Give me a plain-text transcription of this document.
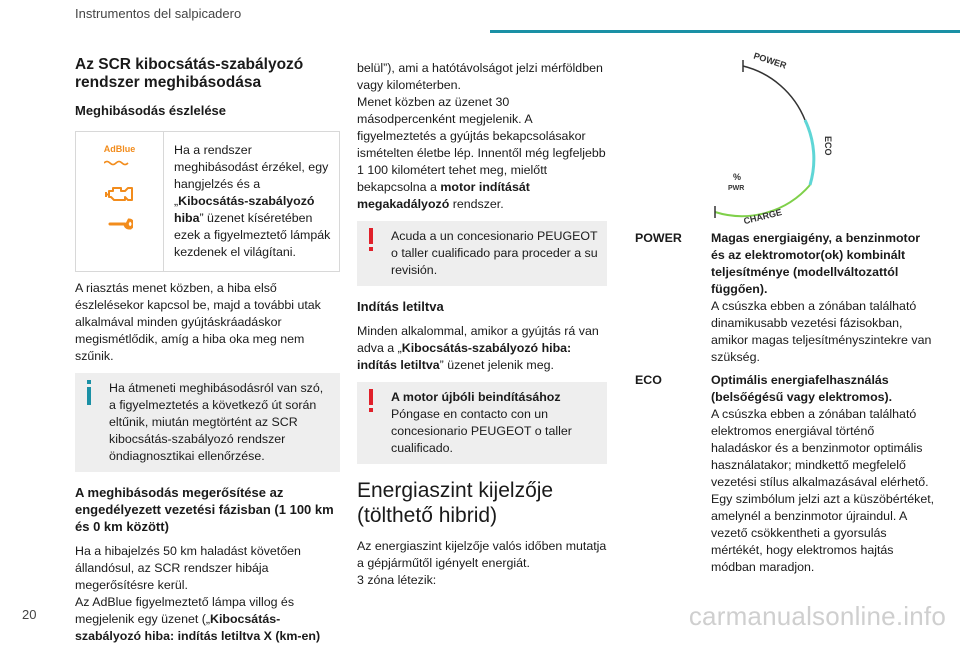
Instrumentos del salpicadero
Az SCR kibocsátás-szabályozó rendszer meghibásodása
Meghibásodás észlelése
AdBlue	Ha a rendszer meghibásodást érzékel, egy hangjelzés és a „Kibocsátás-szabályozó hiba” üzenet kíséretében ezek a figyelmeztető lámpák kezdenek el világítani.

A riasztás menet közben, a hiba első észlelésekor kapcsol be, majd a további utak alkalmával minden gyújtáskráadáskor megismétlődik, amíg a hiba oka meg nem szűnik.

Ha átmeneti meghibásodásról van szó, a figyelmeztetés a következő út során eltűnik, miután megtörtént az SCR kibocsátás-szabályozó rendszer öndiagnosztikai ellenőrzése.
A meghibásodás megerősítése az engedélyezett vezetési fázisban (1 100 km és 0 km között)

Ha a hibajelzés 50 km haladást követően állandósul, az SCR rendszer hibája megerősítésre kerül.

Az AdBlue figyelmeztető lámpa villog és megjelenik egy üzenet („Kibocsátás-szabályozó hiba: indítás letiltva X (km-en)

belül”), ami a hatótávolságot jelzi mérföldben vagy kilométerben.

Menet közben az üzenet 30 másodpercenként megjelenik. A figyelmeztetés a gyújtás bekapcsolásakor ismételten életbe lép. Innentől még legfeljebb 1 100 kilométert tehet meg, mielőtt bekapcsolna a motor indítását megakadályozó rendszer.

Acuda a un concesionario PEUGEOT o taller cualificado para proceder a su revisión.
Indítás letiltva

Minden alkalommal, amikor a gyújtás rá van adva a „Kibocsátás-szabályozó hiba: indítás letiltva” üzenet jelenik meg.

A motor újbóli beindításához
Póngase en contacto con un concesionario PEUGEOT o taller cualificado.
Energiaszint kijelzője
(tölthető hibrid)

Az energiaszint kijelzője valós időben mutatja a gépjárműtől igényelt energiát.

3 zóna létezik:

POWER
ECO
CHARGE
%
PWR
POWER	Magas energiaigény, a benzinmotor és az elektromotor(ok) kombinált teljesítménye (modellváltozattól függően).
A csúszka ebben a zónában található dinamikusabb vezetési fázisokban, amikor magas teljesítményszintekre van szükség.
ECO	Optimális energiafelhasználás (belsőégésű vagy elektromos).
A csúszka ebben a zónában található elektromos energiával történő haladáskor és a benzinmotor optimális használatakor; mindkettő megfelelő vezetési stílus alkalmazásával elérhető.
Egy szimbólum jelzi azt a küszöbértéket, amelynél a benzinmotor újraindul. A vezető csökkentheti a gyorsulás mértékét, hogy elektromos hajtás módban maradjon.
20	carmanualsonline.info
